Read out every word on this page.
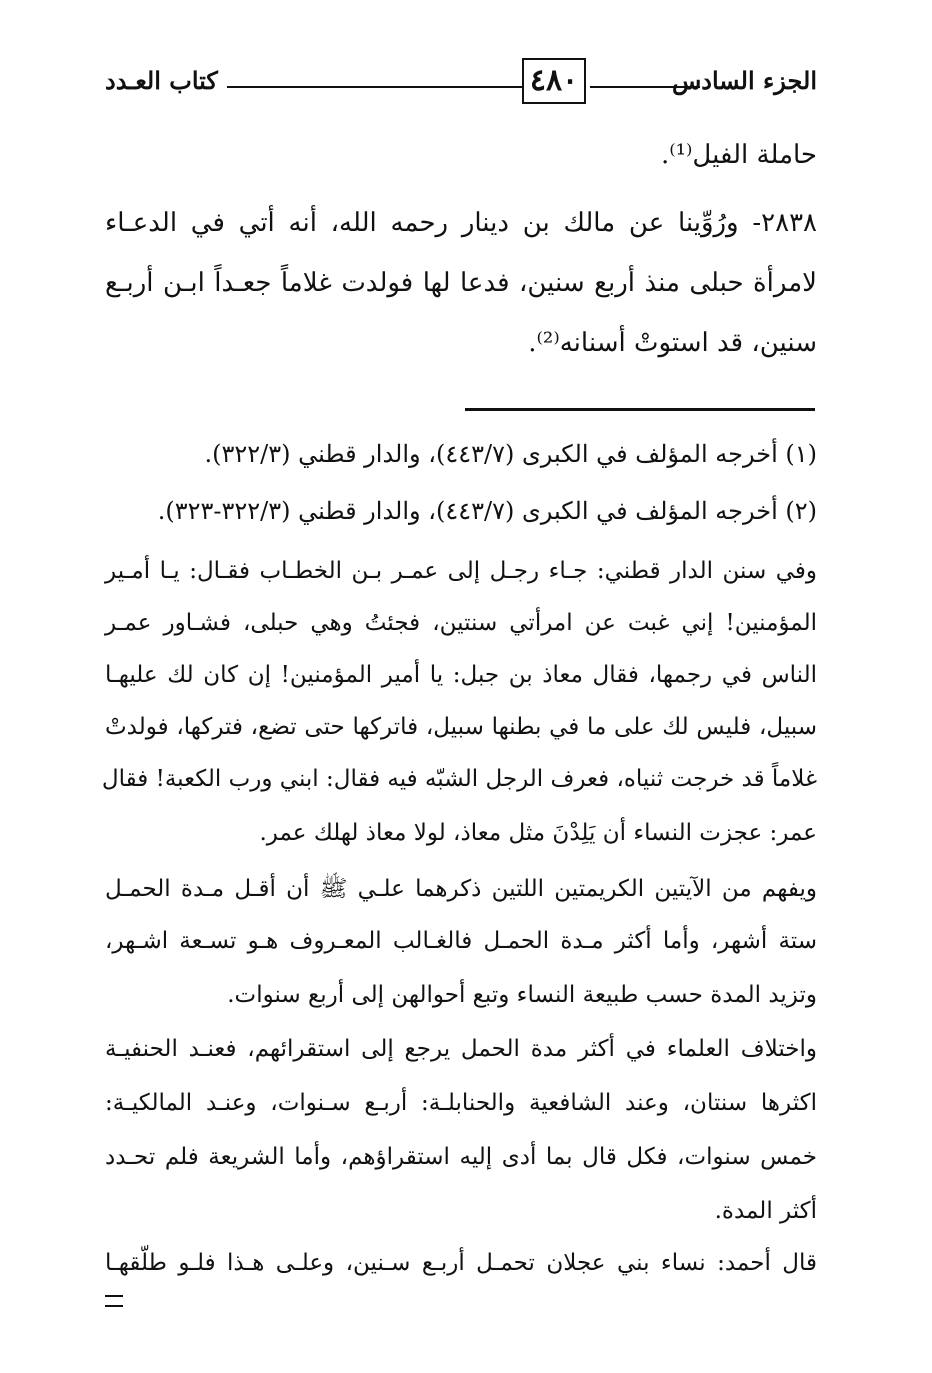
كتاب العـدد	٤٨٠	الجزء السادس
حاملة الفيل⁽¹⁾.
٢٨٣٨- ورُوِّينا عن مالك بن دينار رحمه الله، أنه أتي في الدعـاء
لامرأة حبلى منذ أربع سنين، فدعا لها فولدت غلاماً جعـداً ابـن أربـع
سنين، قد استوتْ أسنانه⁽²⁾.
(١) أخرجه المؤلف في الكبرى (٤٤٣/٧)، والدار قطني (٣٢٢/٣).
(٢) أخرجه المؤلف في الكبرى (٤٤٣/٧)، والدار قطني (٣٢٢/٣-٣٢٣).
وفي سنن الدار قطني: جـاء رجـل إلى عمـر بـن الخطـاب فقـال: يـا أمـير
المؤمنين! إني غبت عن امرأتي سنتين، فجئتُ وهي حبلى، فشـاور عمـر
الناس في رجمها، فقال معاذ بن جبل: يا أمير المؤمنين! إن كان لك عليهـا
سبيل، فليس لك على ما في بطنها سبيل، فاتركها حتى تضع، فتركها، فولدتْ
غلاماً قد خرجت ثنياه، فعرف الرجل الشبّه فيه فقال: ابني ورب الكعبة! فقال
عمر: عجزت النساء أن يَلِدْنَ مثل معاذ، لولا معاذ لهلك عمر.
ويفهم من الآيتين الكريمتين اللتين ذكرهما علـي ﷺ أن أقـل مـدة الحمـل
ستة أشهر، وأما أكثر مـدة الحمـل فالغـالب المعـروف هـو تسـعة اشـهر،
وتزيد المدة حسب طبيعة النساء وتبع أحوالهن إلى أربع سنوات.
واختلاف العلماء في أكثر مدة الحمل يرجع إلى استقرائهم، فعنـد الحنفيـة
اكثرها سنتان، وعند الشافعية والحنابلـة: أربـع سـنوات، وعنـد المالكيـة:
خمس سنوات، فكل قال بما أدى إليه استقراؤهم، وأما الشريعة فلم تحـدد
أكثر المدة.
قال أحمد: نساء بني عجلان تحمـل أربـع سـنين، وعلـى هـذا فلـو طلّقهـا
